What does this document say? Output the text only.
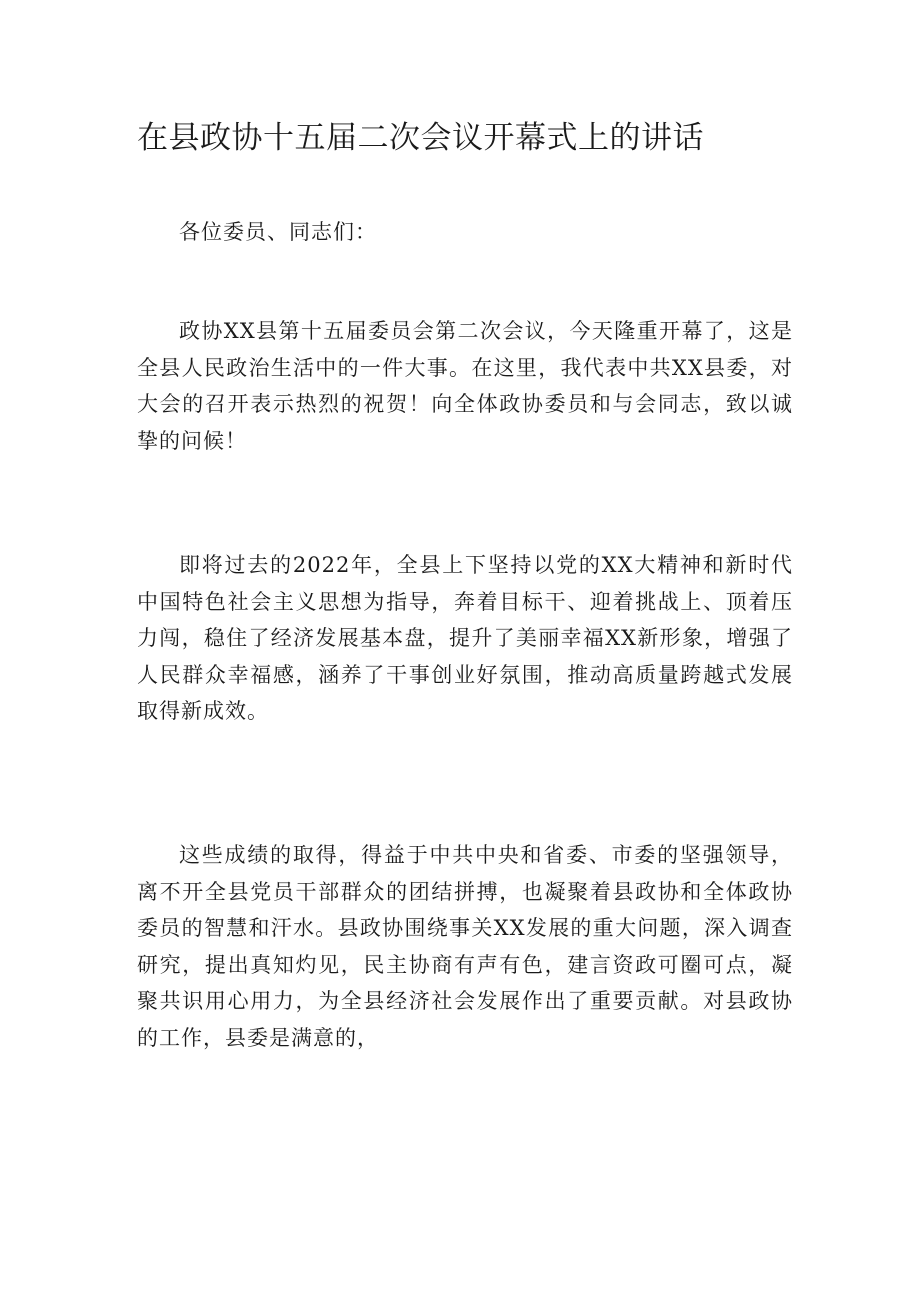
在县政协十五届二次会议开幕式上的讲话

各位委员、同志们：

政协XX县第十五届委员会第二次会议，今天隆重开幕了，这是全县人民政治生活中的一件大事。在这里，我代表中共XX县委，对大会的召开表示热烈的祝贺！向全体政协委员和与会同志，致以诚挚的问候！

即将过去的2022年，全县上下坚持以党的XX大精神和新时代中国特色社会主义思想为指导，奔着目标干、迎着挑战上、顶着压力闯，稳住了经济发展基本盘，提升了美丽幸福XX新形象，增强了人民群众幸福感，涵养了干事创业好氛围，推动高质量跨越式发展取得新成效。

这些成绩的取得，得益于中共中央和省委、市委的坚强领导，离不开全县党员干部群众的团结拼搏，也凝聚着县政协和全体政协委员的智慧和汗水。县政协围绕事关XX发展的重大问题，深入调查研究，提出真知灼见，民主协商有声有色，建言资政可圈可点，凝聚共识用心用力，为全县经济社会发展作出了重要贡献。对县政协的工作，县委是满意的，
